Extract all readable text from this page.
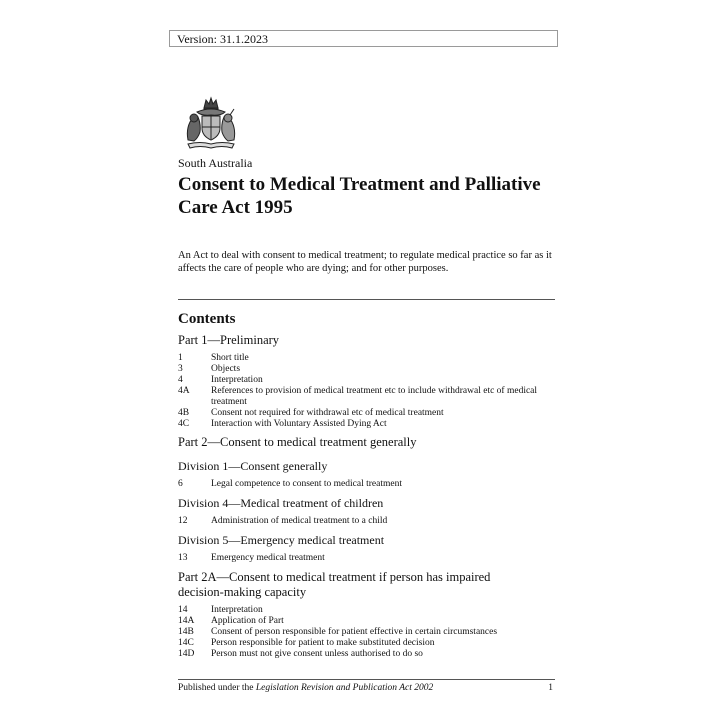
Version: 31.1.2023
South Australia
Consent to Medical Treatment and Palliative Care Act 1995
An Act to deal with consent to medical treatment; to regulate medical practice so far as it affects the care of people who are dying; and for other purposes.
Contents
Part 1—Preliminary
1	Short title
3	Objects
4	Interpretation
4A	References to provision of medical treatment etc to include withdrawal etc of medical treatment
4B	Consent not required for withdrawal etc of medical treatment
4C	Interaction with Voluntary Assisted Dying Act
Part 2—Consent to medical treatment generally
Division 1—Consent generally
6	Legal competence to consent to medical treatment
Division 4—Medical treatment of children
12	Administration of medical treatment to a child
Division 5—Emergency medical treatment
13	Emergency medical treatment
Part 2A—Consent to medical treatment if person has impaired decision-making capacity
14	Interpretation
14A	Application of Part
14B	Consent of person responsible for patient effective in certain circumstances
14C	Person responsible for patient to make substituted decision
14D	Person must not give consent unless authorised to do so
Published under the Legislation Revision and Publication Act 2002	1
